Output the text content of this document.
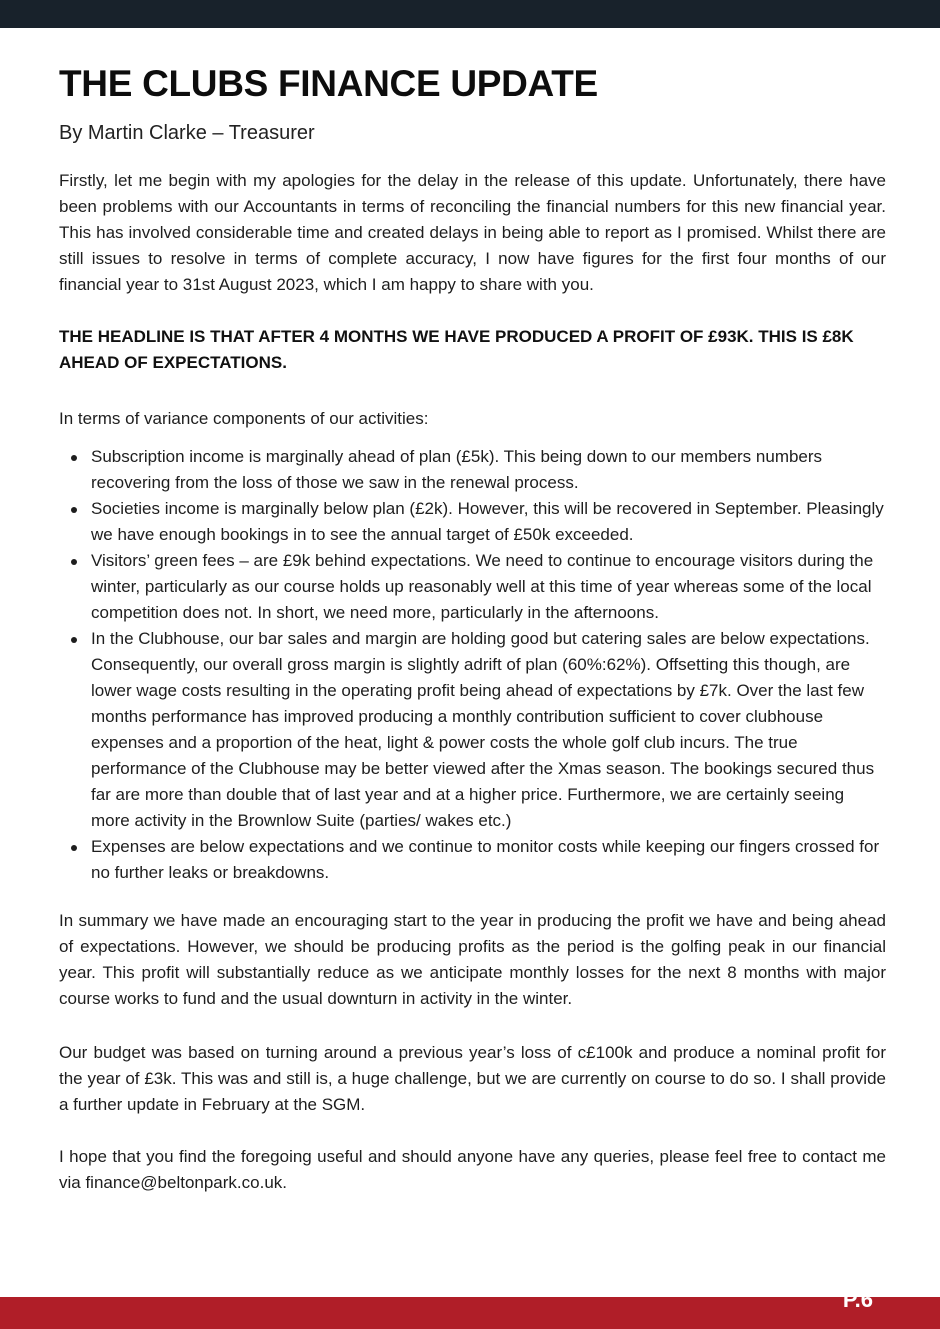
THE CLUBS FINANCE UPDATE

By Martin Clarke – Treasurer

Firstly, let me begin with my apologies for the delay in the release of this update. Unfortunately, there have been problems with our Accountants in terms of reconciling the financial numbers for this new financial year. This has involved considerable time and created delays in being able to report as I promised. Whilst there are still issues to resolve in terms of complete accuracy, I now have figures for the first four months of our financial year to 31st August 2023, which I am happy to share with you.

THE HEADLINE IS THAT AFTER 4 MONTHS WE HAVE PRODUCED A PROFIT OF £93K. THIS IS £8K AHEAD OF EXPECTATIONS.

In terms of variance components of our activities:

Subscription income is marginally ahead of plan (£5k). This being down to our members numbers recovering from the loss of those we saw in the renewal process.
Societies income is marginally below plan (£2k). However, this will be recovered in September. Pleasingly we have enough bookings in to see the annual target of £50k exceeded.
Visitors’ green fees – are £9k behind expectations. We need to continue to encourage visitors during the winter, particularly as our course holds up reasonably well at this time of year whereas some of the local competition does not. In short, we need more, particularly in the afternoons.
In the Clubhouse, our bar sales and margin are holding good but catering sales are below expectations. Consequently, our overall gross margin is slightly adrift of plan (60%:62%). Offsetting this though, are lower wage costs resulting in the operating profit being ahead of expectations by £7k. Over the last few months performance has improved producing a monthly contribution sufficient to cover clubhouse expenses and a proportion of the heat, light & power costs the whole golf club incurs. The true performance of the Clubhouse may be better viewed after the Xmas season. The bookings secured thus far are more than double that of last year and at a higher price. Furthermore, we are certainly seeing more activity in the Brownlow Suite (parties/ wakes etc.)
Expenses are below expectations and we continue to monitor costs while keeping our fingers crossed for no further leaks or breakdowns.

In summary we have made an encouraging start to the year in producing the profit we have and being ahead of expectations. However, we should be producing profits as the period is the golfing peak in our financial year. This profit will substantially reduce as we anticipate monthly losses for the next 8 months with major course works to fund and the usual downturn in activity in the winter.

Our budget was based on turning around a previous year’s loss of c£100k and produce a nominal profit for the year of £3k. This was and still is, a huge challenge, but we are currently on course to do so. I shall provide a further update in February at the SGM.

I hope that you find the foregoing useful and should anyone have any queries, please feel free to contact me via finance@beltonpark.co.uk.

P.6
